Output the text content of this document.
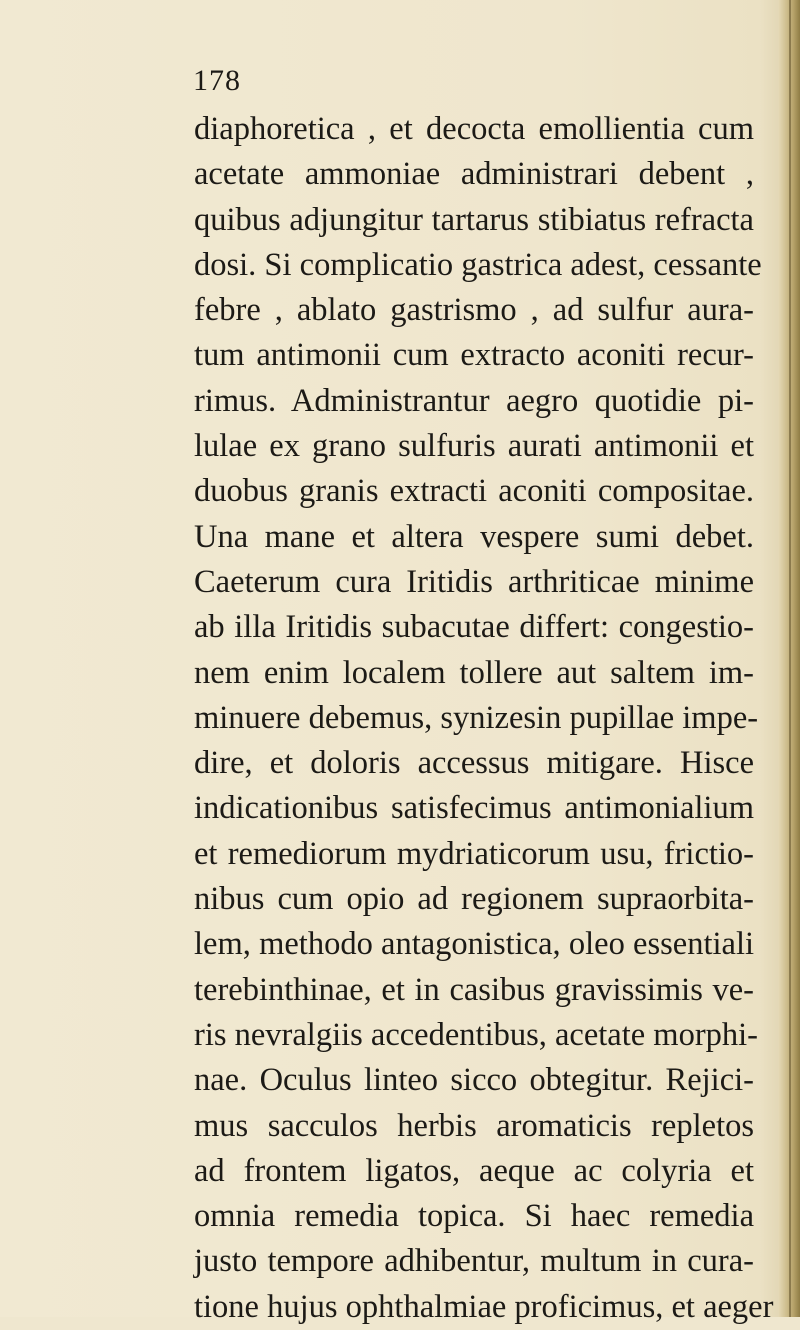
178
diaphoretica , et decocta emollientia cum
acetate ammoniae administrari debent ,
quibus adjungitur tartarus stibiatus refracta
dosi. Si complicatio gastrica adest, cessante
febre , ablato gastrismo , ad sulfur aura-
tum antimonii cum extracto aconiti recur-
rimus. Administrantur aegro quotidie pi-
lulae ex grano sulfuris aurati antimonii et
duobus granis extracti aconiti compositae.
Una mane et altera vespere sumi debet.
Caeterum cura Iritidis arthriticae minime
ab illa Iritidis subacutae differt: congestio-
nem enim localem tollere aut saltem im-
minuere debemus, synizesin pupillae impe-
dire, et doloris accessus mitigare. Hisce
indicationibus satisfecimus antimonialium
et remediorum mydriaticorum usu, frictio-
nibus cum opio ad regionem supraorbita-
lem, methodo antagonistica, oleo essentiali
terebinthinae, et in casibus gravissimis ve-
ris nevralgiis accedentibus, acetate morphi-
nae. Oculus linteo sicco obtegitur. Rejici-
mus sacculos herbis aromaticis repletos
ad frontem ligatos, aeque ac colyria et
omnia remedia topica. Si haec remedia
justo tempore adhibentur, multum in cura-
tione hujus ophthalmiae proficimus, et aeger
